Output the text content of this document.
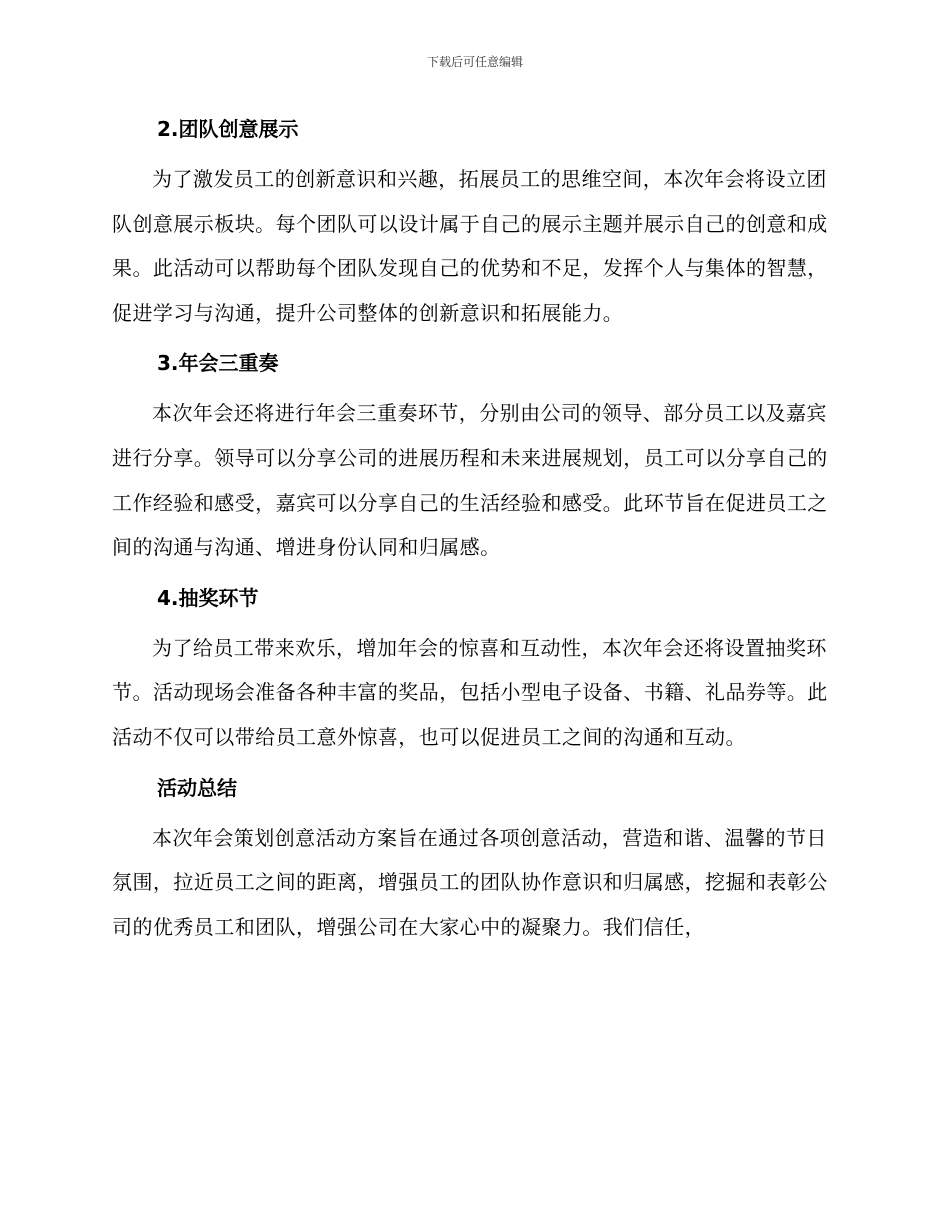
下载后可任意编辑
2.团队创意展示

为了激发员工的创新意识和兴趣，拓展员工的思维空间，本次年会将设立团队创意展示板块。每个团队可以设计属于自己的展示主题并展示自己的创意和成果。此活动可以帮助每个团队发现自己的优势和不足，发挥个人与集体的智慧，促进学习与沟通，提升公司整体的创新意识和拓展能力。

3.年会三重奏

本次年会还将进行年会三重奏环节，分别由公司的领导、部分员工以及嘉宾进行分享。领导可以分享公司的进展历程和未来进展规划，员工可以分享自己的工作经验和感受，嘉宾可以分享自己的生活经验和感受。此环节旨在促进员工之间的沟通与沟通、增进身份认同和归属感。

4.抽奖环节

为了给员工带来欢乐，增加年会的惊喜和互动性，本次年会还将设置抽奖环节。活动现场会准备各种丰富的奖品，包括小型电子设备、书籍、礼品券等。此活动不仅可以带给员工意外惊喜，也可以促进员工之间的沟通和互动。

活动总结

本次年会策划创意活动方案旨在通过各项创意活动，营造和谐、温馨的节日氛围，拉近员工之间的距离，增强员工的团队协作意识和归属感，挖掘和表彰公司的优秀员工和团队，增强公司在大家心中的凝聚力。我们信任，
